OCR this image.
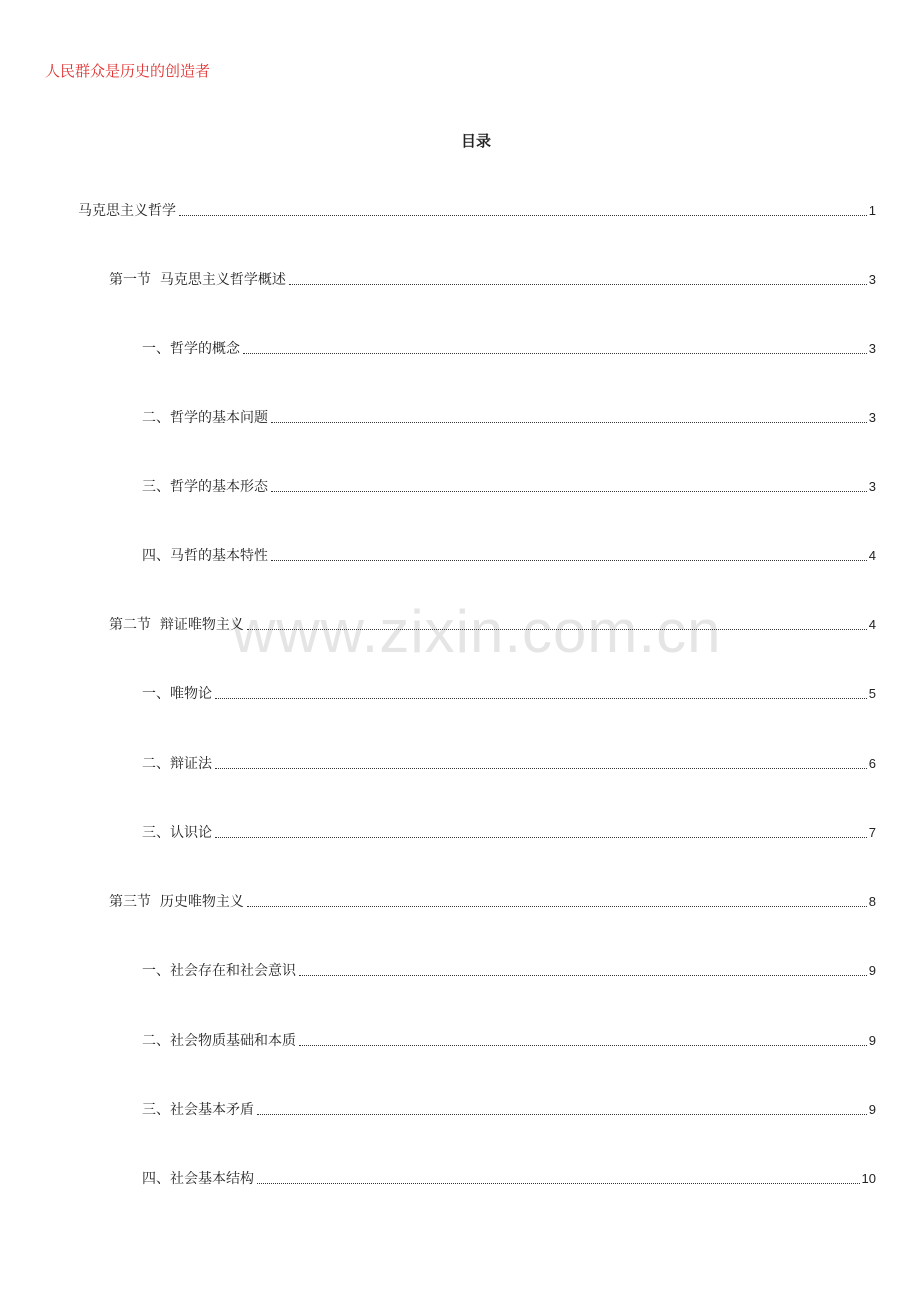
人民群众是历史的创造者
目录
www.zixin.com.cn
马克思主义哲学	1
第一节  马克思主义哲学概述	3
一、哲学的概念	3
二、哲学的基本问题	3
三、哲学的基本形态	3
四、马哲的基本特性	4
第二节  辩证唯物主义	4
一、唯物论	5
二、辩证法	6
三、认识论	7
第三节  历史唯物主义	8
一、社会存在和社会意识	9
二、社会物质基础和本质	9
三、社会基本矛盾	9
四、社会基本结构	10
